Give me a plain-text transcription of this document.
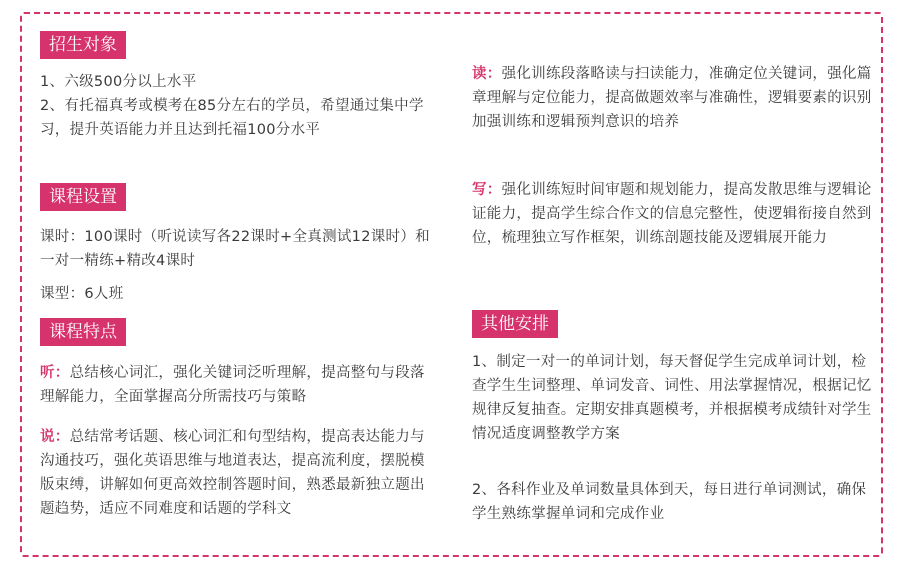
招生对象
1、六级500分以上水平
2、有托福真考或模考在85分左右的学员，希望通过集中学习，提升英语能力并且达到托福100分水平
课程设置
课时：100课时（听说读写各22课时+全真测试12课时）和一对一精练+精改4课时
课型：6人班
课程特点
听：总结核心词汇，强化关键词泛听理解，提高整句与段落理解能力，全面掌握高分所需技巧与策略
说：总结常考话题、核心词汇和句型结构，提高表达能力与沟通技巧，强化英语思维与地道表达，提高流利度，摆脱模版束缚，讲解如何更高效控制答题时间，熟悉最新独立题出题趋势，适应不同难度和话题的学科文
读：强化训练段落略读与扫读能力，准确定位关键词，强化篇章理解与定位能力，提高做题效率与准确性，逻辑要素的识别加强训练和逻辑预判意识的培养
写：强化训练短时间审题和规划能力，提高发散思维与逻辑论证能力，提高学生综合作文的信息完整性，使逻辑衔接自然到位，梳理独立写作框架，训练剖题技能及逻辑展开能力
其他安排
1、制定一对一的单词计划，每天督促学生完成单词计划，检查学生生词整理、单词发音、词性、用法掌握情况，根据记忆规律反复抽查。定期安排真题模考，并根据模考成绩针对学生情况适度调整教学方案
2、各科作业及单词数量具体到天，每日进行单词测试，确保学生熟练掌握单词和完成作业
